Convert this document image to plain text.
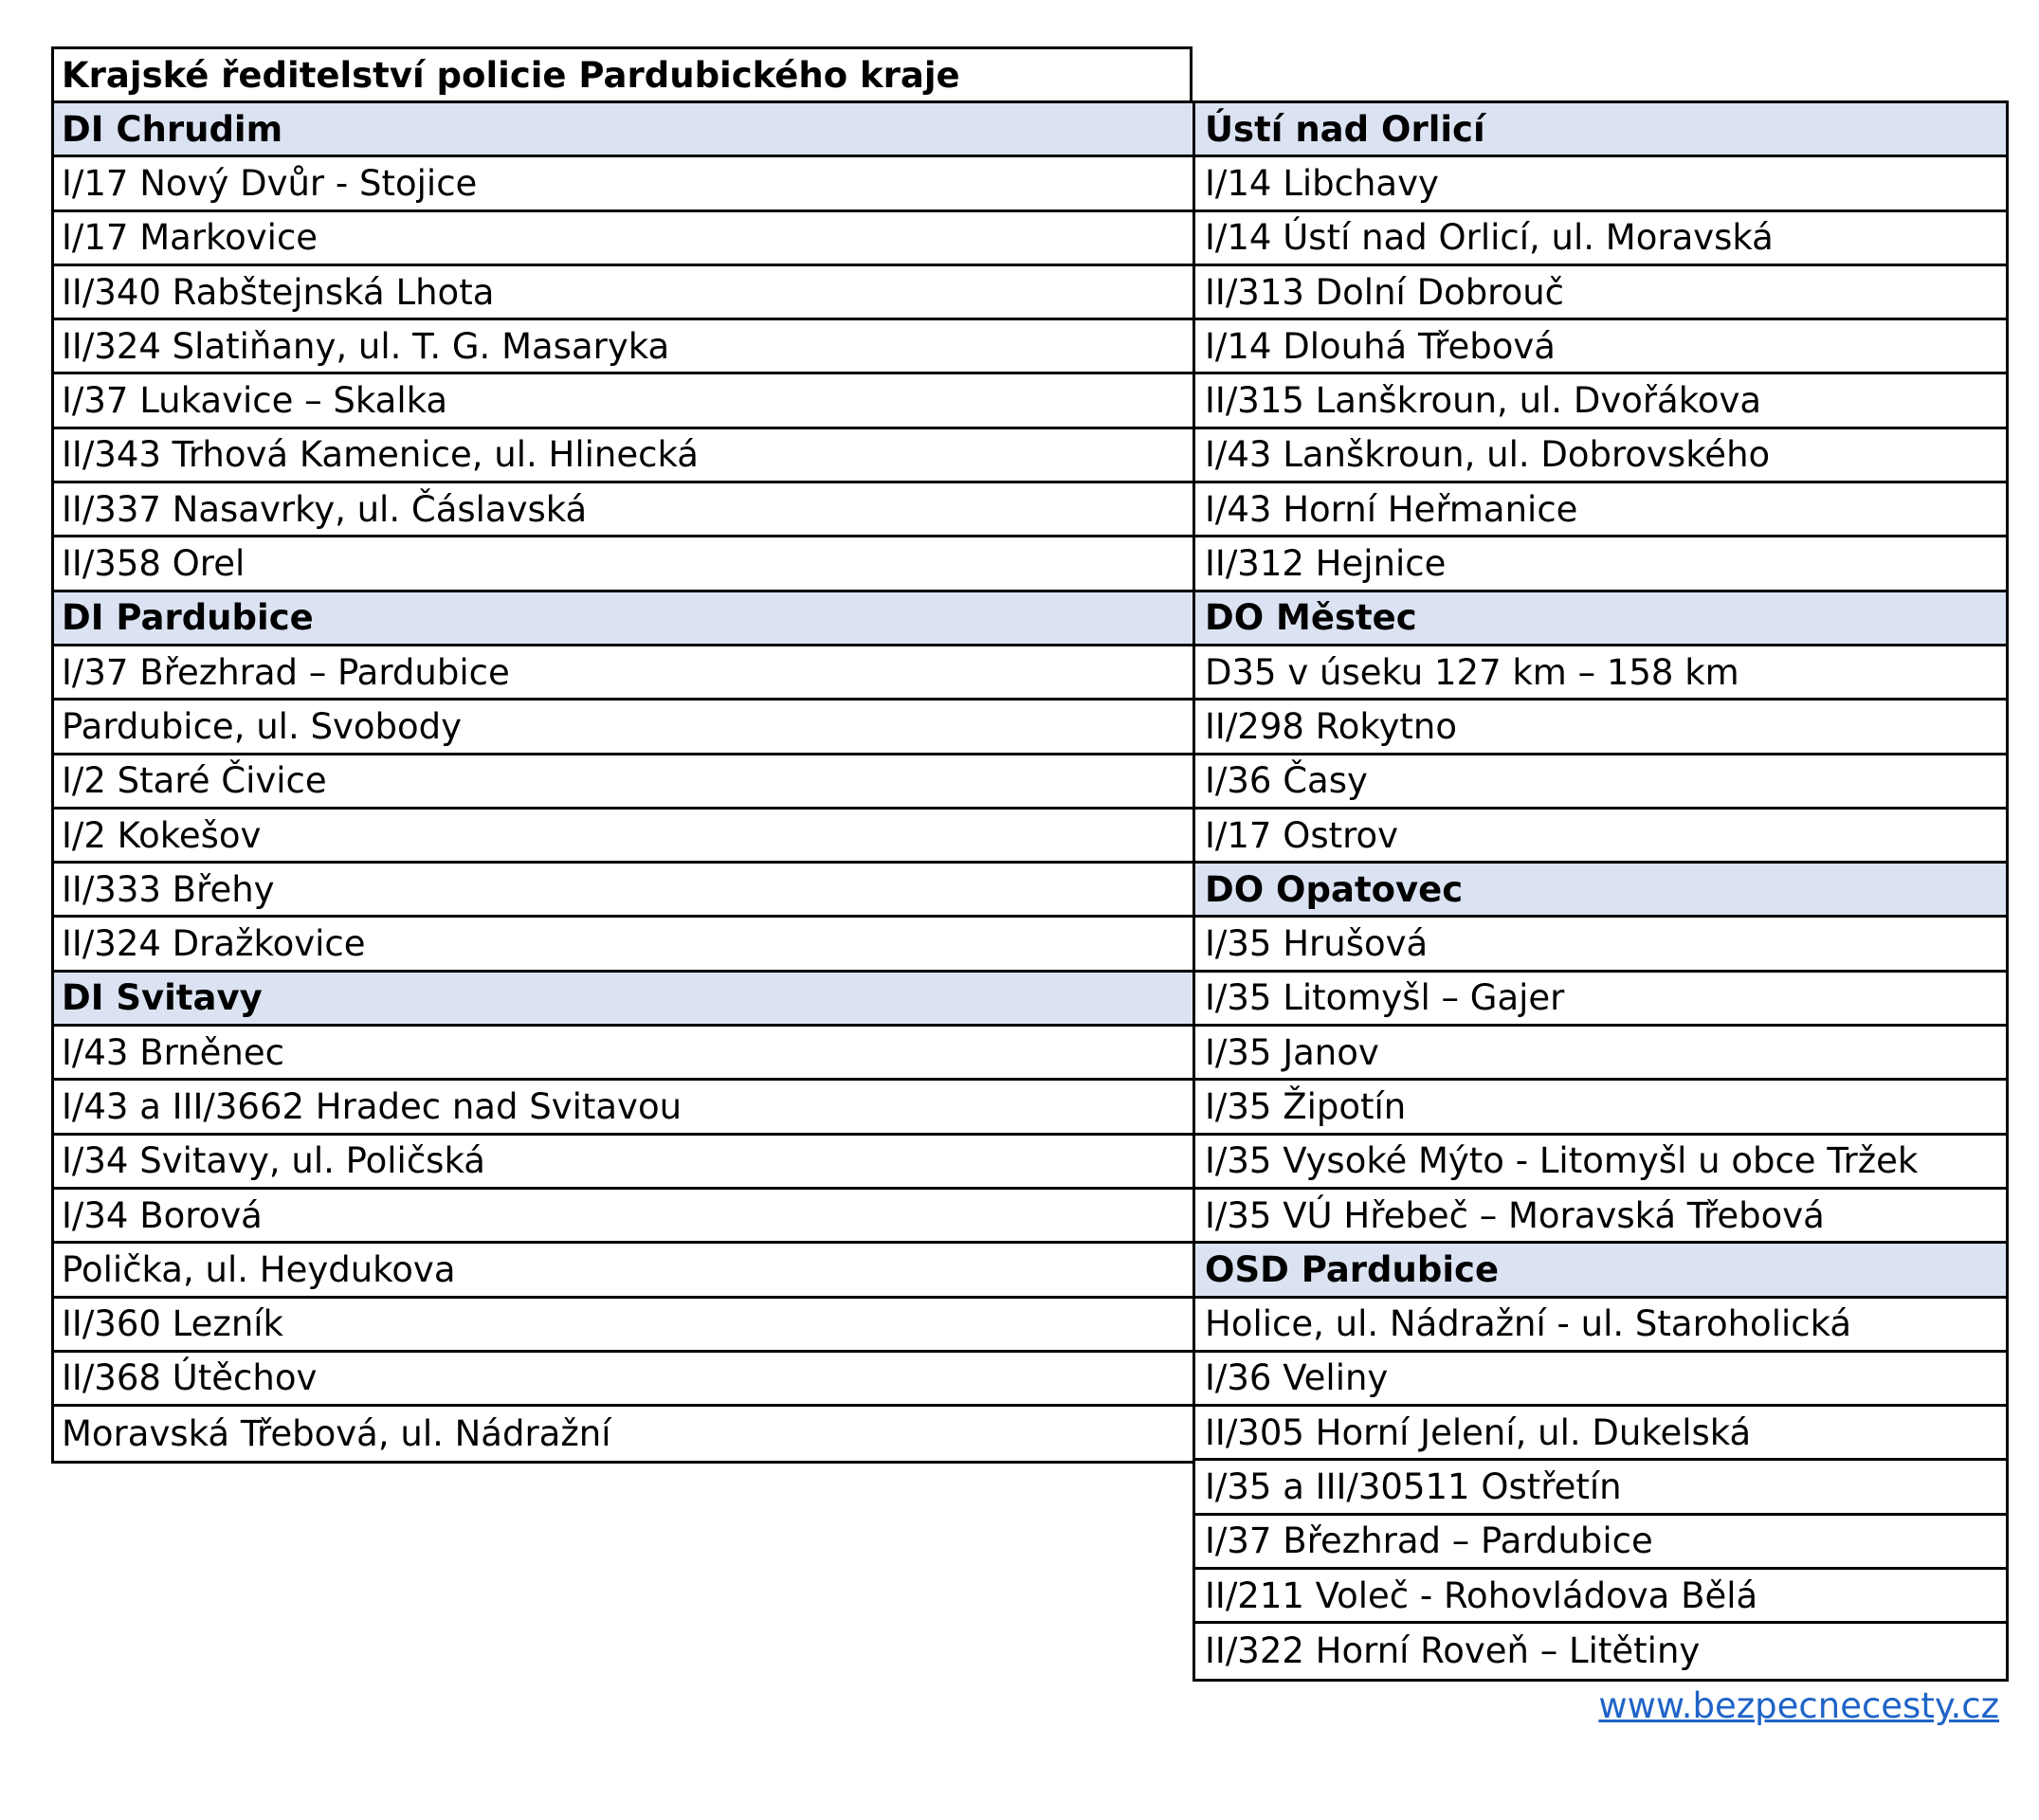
Krajské ředitelství policie Pardubického kraje
DI Chrudim
I/17 Nový Dvůr - Stojice
I/17 Markovice
II/340 Rabštejnská Lhota
II/324 Slatiňany, ul. T. G. Masaryka
I/37 Lukavice – Skalka
II/343 Trhová Kamenice, ul. Hlinecká
II/337 Nasavrky, ul. Čáslavská
II/358 Orel
DI Pardubice
I/37 Březhrad – Pardubice
Pardubice, ul. Svobody
I/2 Staré Čivice
I/2 Kokešov
II/333 Břehy
II/324 Dražkovice
DI Svitavy
I/43 Brněnec
I/43 a III/3662 Hradec nad Svitavou
I/34 Svitavy, ul. Poličská
I/34 Borová
Polička, ul. Heydukova
II/360 Lezník
II/368 Útěchov
Moravská Třebová, ul. Nádražní
Ústí nad Orlicí
I/14 Libchavy
I/14 Ústí nad Orlicí, ul. Moravská
II/313 Dolní Dobrouč
I/14 Dlouhá Třebová
II/315 Lanškroun, ul. Dvořákova
I/43 Lanškroun, ul. Dobrovského
I/43 Horní Heřmanice
II/312 Hejnice
DO Městec
D35 v úseku 127 km – 158 km
II/298 Rokytno
I/36 Časy
I/17 Ostrov
DO Opatovec
I/35 Hrušová
I/35 Litomyšl – Gajer
I/35 Janov
I/35 Žipotín
I/35 Vysoké Mýto - Litomyšl u obce Tržek
I/35 VÚ Hřebeč – Moravská Třebová
OSD Pardubice
Holice, ul. Nádražní - ul. Staroholická
I/36 Veliny
II/305 Horní Jelení, ul. Dukelská
I/35 a III/30511 Ostřetín
I/37 Březhrad – Pardubice
II/211 Voleč - Rohovládova Bělá
II/322 Horní Roveň – Litětiny
www.bezpecnecesty.cz
